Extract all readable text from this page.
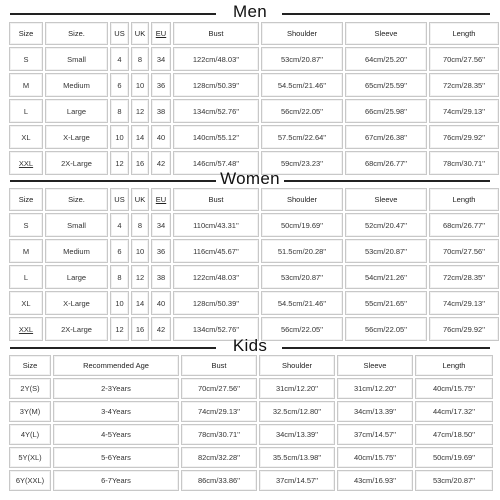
Men
Size	Size.	US	UK	EU	Bust	Shoulder	Sleeve	Length
S	Small	4	8	34	122cm/48.03''	53cm/20.87''	64cm/25.20''	70cm/27.56''
M	Medium	6	10	36	128cm/50.39''	54.5cm/21.46''	65cm/25.59''	72cm/28.35''
L	Large	8	12	38	134cm/52.76''	56cm/22.05''	66cm/25.98''	74cm/29.13''
XL	X-Large	10	14	40	140cm/55.12''	57.5cm/22.64''	67cm/26.38''	76cm/29.92''
XXL	2X-Large	12	16	42	146cm/57.48''	59cm/23.23''	68cm/26.77''	78cm/30.71''
Women
Size	Size.	US	UK	EU	Bust	Shoulder	Sleeve	Length
S	Small	4	8	34	110cm/43.31''	50cm/19.69''	52cm/20.47''	68cm/26.77''
M	Medium	6	10	36	116cm/45.67''	51.5cm/20.28''	53cm/20.87''	70cm/27.56''
L	Large	8	12	38	122cm/48.03''	53cm/20.87''	54cm/21.26''	72cm/28.35''
XL	X-Large	10	14	40	128cm/50.39''	54.5cm/21.46''	55cm/21.65''	74cm/29.13''
XXL	2X-Large	12	16	42	134cm/52.76''	56cm/22.05''	56cm/22.05''	76cm/29.92''
Kids
Size	Recommended Age	Bust	Shoulder	Sleeve	Length
2Y(S)	2-3Years	70cm/27.56''	31cm/12.20''	31cm/12.20''	40cm/15.75''
3Y(M)	3-4Years	74cm/29.13''	32.5cm/12.80''	34cm/13.39''	44cm/17.32''
4Y(L)	4-5Years	78cm/30.71''	34cm/13.39''	37cm/14.57''	47cm/18.50''
5Y(XL)	5-6Years	82cm/32.28''	35.5cm/13.98''	40cm/15.75''	50cm/19.69''
6Y(XXL)	6-7Years	86cm/33.86''	37cm/14.57''	43cm/16.93''	53cm/20.87''
